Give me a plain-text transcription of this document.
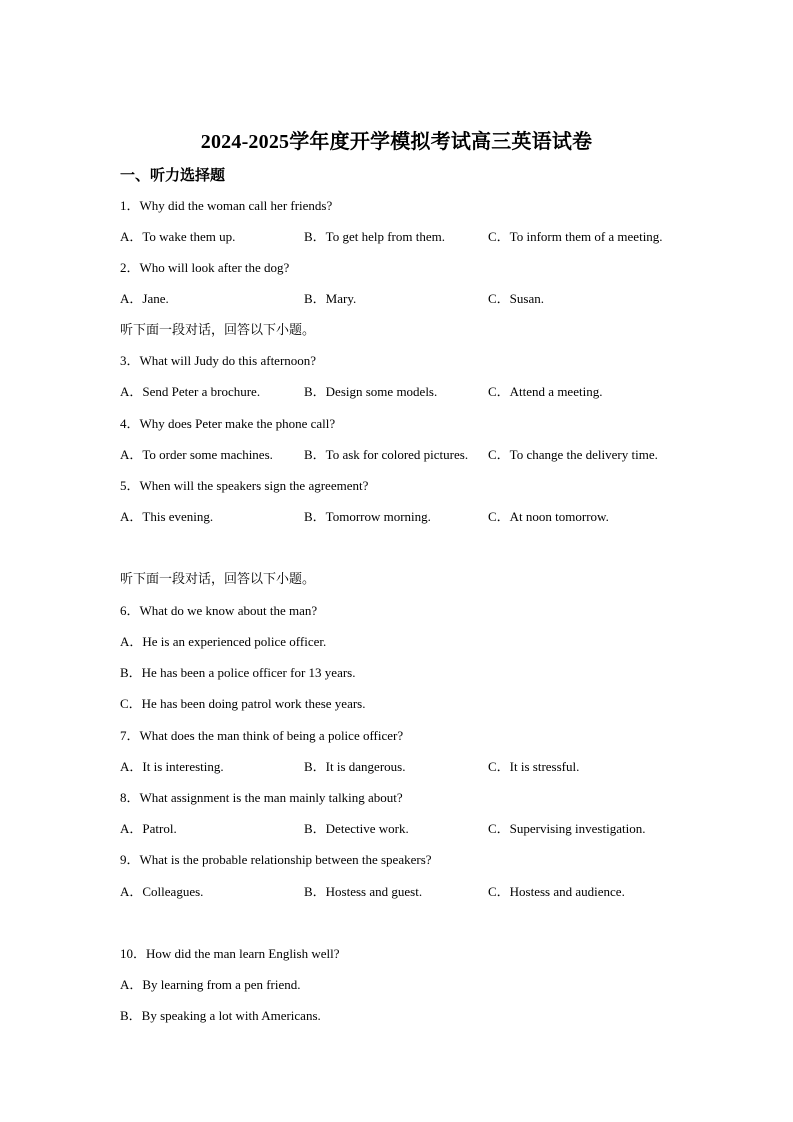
2024-2025学年度开学模拟考试高三英语试卷
一、听力选择题
1．Why did the woman call her friends?
A．To wake them up.	B．To get help from them.	C．To inform them of a meeting.
2．Who will look after the dog?
A．Jane.	B．Mary.	C．Susan.
听下面一段对话，回答以下小题。
3．What will Judy do this afternoon?
A．Send Peter a brochure.	B．Design some models.	C．Attend a meeting.
4．Why does Peter make the phone call?
A．To order some machines. B．To ask for colored pictures. C．To change the delivery time.
5．When will the speakers sign the agreement?
A．This evening.	B．Tomorrow morning.	C．At noon tomorrow.
听下面一段对话，回答以下小题。
6．What do we know about the man?
A．He is an experienced police officer.
B．He has been a police officer for 13 years.
C．He has been doing patrol work these years.
7．What does the man think of being a police officer?
A．It is interesting.	B．It is dangerous.	C．It is stressful.
8．What assignment is the man mainly talking about?
A．Patrol.	B．Detective work.	C．Supervising investigation.
9．What is the probable relationship between the speakers?
A．Colleagues.	B．Hostess and guest.	C．Hostess and audience.
10．How did the man learn English well?
A．By learning from a pen friend.
B．By speaking a lot with Americans.
